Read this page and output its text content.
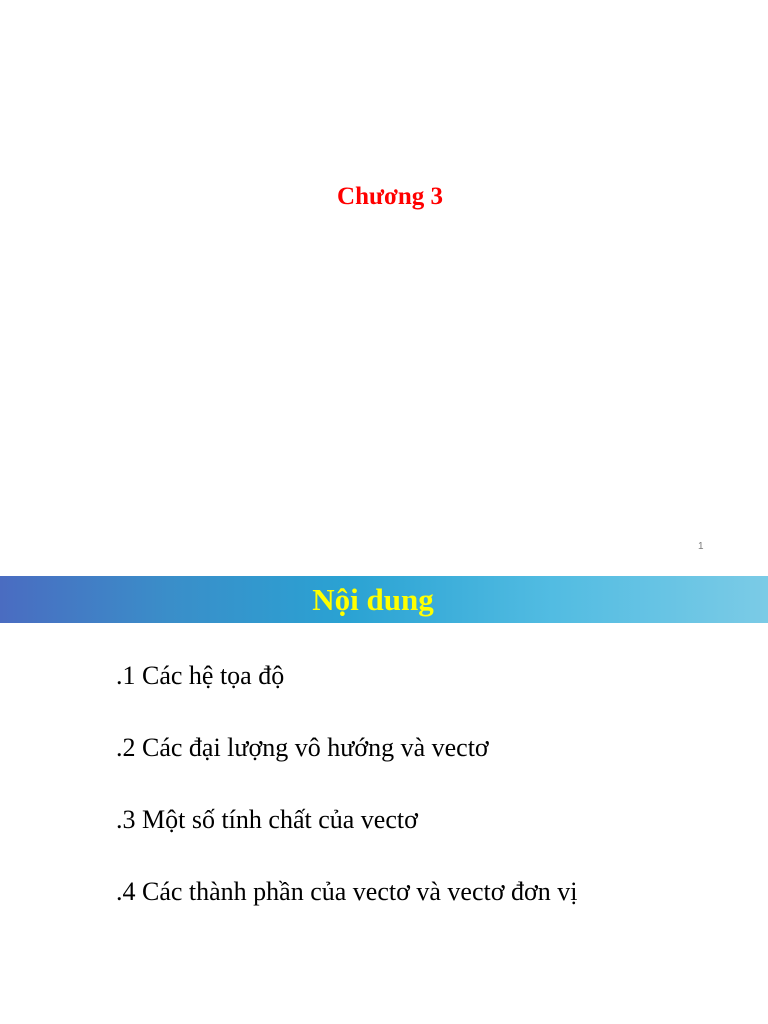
Chương 3
1
Nội dung
.1 Các hệ tọa độ
.2 Các đại lượng vô hướng và vectơ
.3 Một số tính chất của vectơ
.4 Các thành phần của vectơ và vectơ đơn vị
